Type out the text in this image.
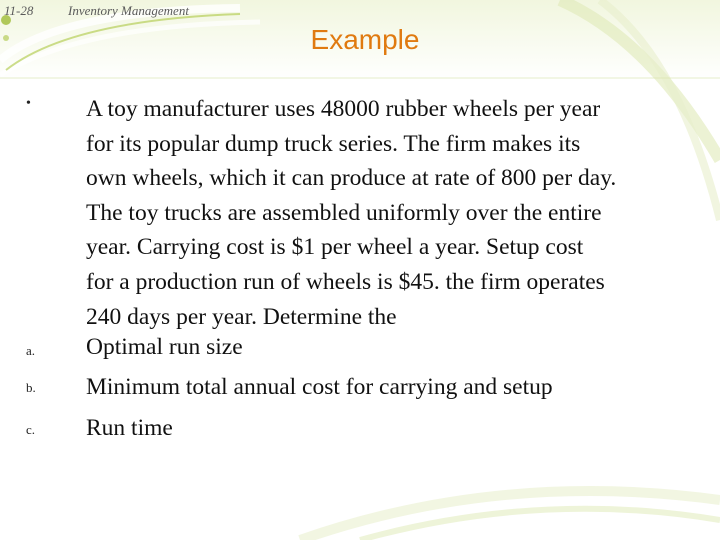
11-28	Inventory Management
Example
•	A toy manufacturer uses 48000 rubber wheels per year
for its popular dump truck series. The firm makes its
own wheels, which it can produce at rate of 800 per day.
The toy trucks are assembled uniformly over the entire
year. Carrying cost is $1 per wheel a year. Setup cost
for a production run of wheels is $45. the firm operates
240 days per year. Determine the
a.	Optimal run size
b.	Minimum total annual cost for carrying and setup
c.	Run time
